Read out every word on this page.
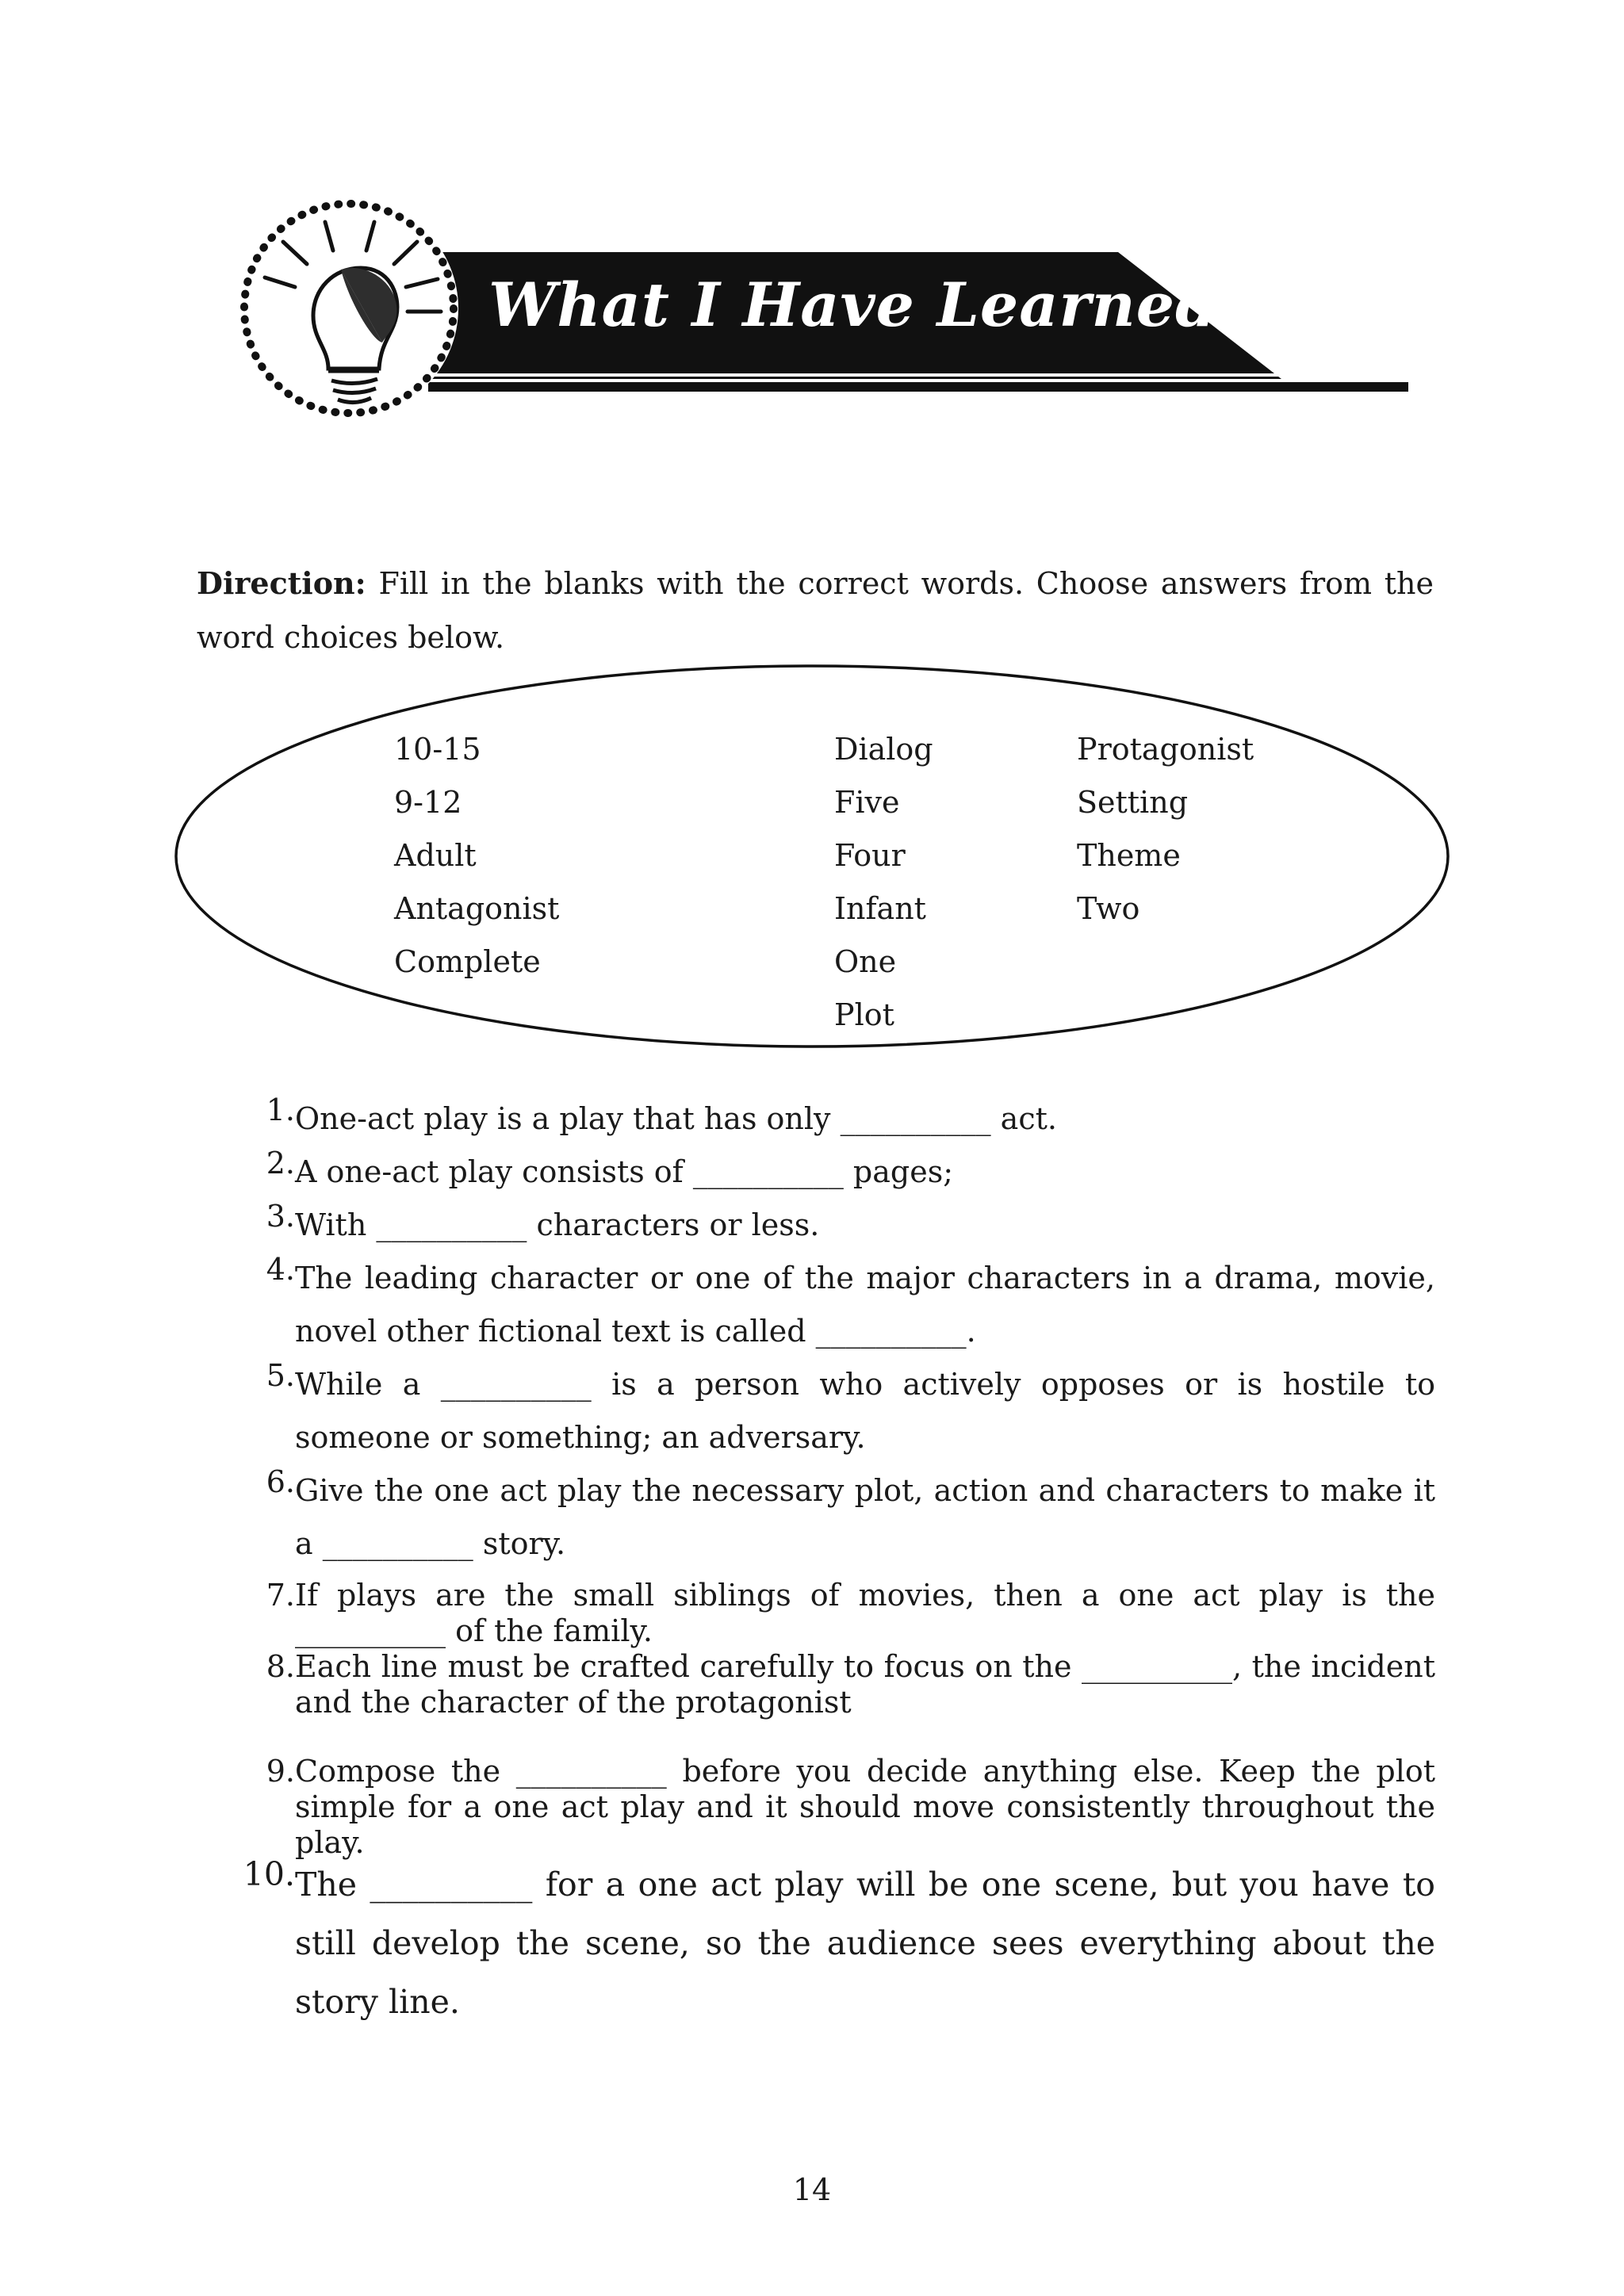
What I Have Learned
Direction: Fill in the blanks with the correct words. Choose answers from the word choices below.
10-15
9-12
Adult
Antagonist
Complete
Dialog
Five
Four
Infant
One
Plot
Protagonist
Setting
Theme
Two
1. One-act play is a play that has only __________ act.
2. A one-act play consists of __________ pages;
3. With __________ characters or less.
4. The leading character or one of the major characters in a drama, movie, novel other fictional text is called __________.
5. While a __________ is a person who actively opposes or is hostile to someone or something; an adversary.
6. Give the one act play the necessary plot, action and characters to make it a __________ story.
7. If plays are the small siblings of movies, then a one act play is the __________ of the family.
8. Each line must be crafted carefully to focus on the __________, the incident and the character of the protagonist
9. Compose the __________ before you decide anything else. Keep the plot simple for a one act play and it should move consistently throughout the play.
10. The __________ for a one act play will be one scene, but you have to still develop the scene, so the audience sees everything about the story line.
14
